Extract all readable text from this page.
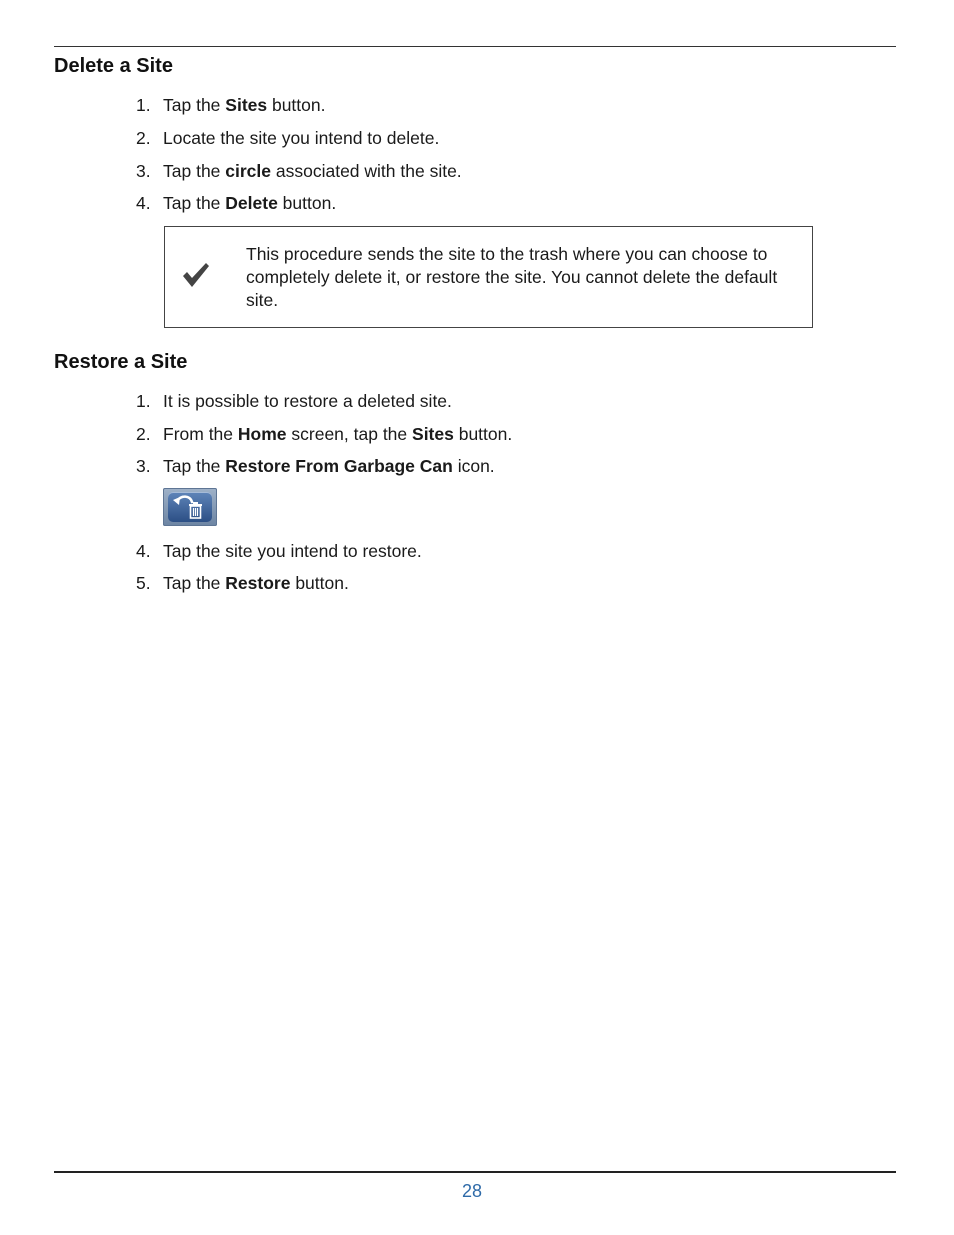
Delete a Site
1. Tap the Sites button.
2. Locate the site you intend to delete.
3. Tap the circle associated with the site.
4. Tap the Delete button.
This procedure sends the site to the trash where you can choose to completely delete it, or restore the site. You cannot delete the default site.
Restore a Site
1. It is possible to restore a deleted site.
2. From the Home screen, tap the Sites button.
3. Tap the Restore From Garbage Can icon.
4. Tap the site you intend to restore.
5. Tap the Restore button.
28
